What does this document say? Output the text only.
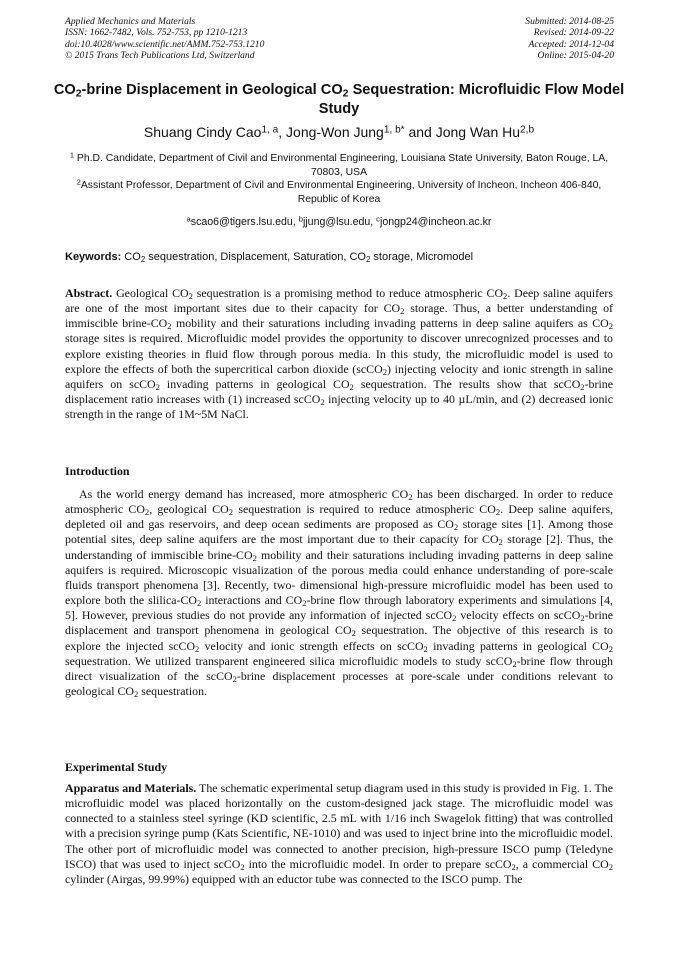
Applied Mechanics and Materials
ISSN: 1662-7482, Vols. 752-753, pp 1210-1213
doi:10.4028/www.scientific.net/AMM.752-753.1210
© 2015 Trans Tech Publications Ltd, Switzerland
Submitted: 2014-08-25
Revised: 2014-09-22
Accepted: 2014-12-04
Online: 2015-04-20
$CO_2$-brine Displacement in Geological $CO_2$ Sequestration: Microfluidic Flow Model Study
Shuang Cindy Cao$^{1, a}$, Jong-Won Jung$^{1, b*}$ and Jong Wan Hu$^{2,b}$

$^1$ Ph.D. Candidate, Department of Civil and Environmental Engineering, Louisiana State University, Baton Rouge, LA, 70803, USA

$^2$Assistant Professor, Department of Civil and Environmental Engineering, University of Incheon, Incheon 406-840, Republic of Korea

$^a$scao6@tigers.lsu.edu, $^b$jjung@lsu.edu, $^c$jongp24@incheon.ac.kr
Keywords: $CO_2$ sequestration, Displacement, Saturation, $CO_2$ storage, Micromodel

Abstract. Geological $CO_2$ sequestration is a promising method to reduce atmospheric $CO_2$. Deep saline aquifers are one of the most important sites due to their capacity for $CO_2$ storage. Thus, a better understanding of immiscible brine-$CO_2$ mobility and their saturations including invading patterns in deep saline aquifers as $CO_2$ storage sites is required. Microfluidic model provides the opportunity to discover unrecognized processes and to explore existing theories in fluid flow through porous media. In this study, the microfluidic model is used to explore the effects of both the supercritical carbon dioxide (scCO$_2$) injecting velocity and ionic strength in saline aquifers on scCO$_2$ invading patterns in geological $CO_2$ sequestration. The results show that scCO$_2$-brine displacement ratio increases with (1) increased scCO$_2$ injecting velocity up to 40 µL/min, and (2) decreased ionic strength in the range of 1M~5M NaCl.

Introduction

As the world energy demand has increased, more atmospheric $CO_2$ has been discharged. In order to reduce atmospheric $CO_2$, geological $CO_2$ sequestration is required to reduce atmospheric $CO_2$. Deep saline aquifers, depleted oil and gas reservoirs, and deep ocean sediments are proposed as $CO_2$ storage sites [1]. Among those potential sites, deep saline aquifers are the most important due to their capacity for $CO_2$ storage [2]. Thus, the understanding of immiscible brine-$CO_2$ mobility and their saturations including invading patterns in deep saline aquifers is required. Microscopic visualization of the porous media could enhance understanding of pore-scale fluids transport phenomena [3]. Recently, two- dimensional high-pressure microfluidic model has been used to explore both the slilica-$CO_2$ interactions and $CO_2$-brine flow through laboratory experiments and simulations [4, 5]. However, previous studies do not provide any information of injected scCO$_2$ velocity effects on scCO$_2$-brine displacement and transport phenomena in geological $CO_2$ sequestration. The objective of this research is to explore the injected scCO$_2$ velocity and ionic strength effects on scCO$_2$ invading patterns in geological $CO_2$ sequestration. We utilized transparent engineered silica microfluidic models to study scCO$_2$-brine flow through direct visualization of the scCO$_2$-brine displacement processes at pore-scale under conditions relevant to geological $CO_2$ sequestration.

Experimental Study

Apparatus and Materials. The schematic experimental setup diagram used in this study is provided in Fig. 1. The microfluidic model was placed horizontally on the custom-designed jack stage. The microfluidic model was connected to a stainless steel syringe (KD scientific, 2.5 mL with 1/16 inch Swagelok fitting) that was controlled with a precision syringe pump (Kats Scientific, NE-1010) and was used to inject brine into the microfluidic model. The other port of microfluidic model was connected to another precision, high-pressure ISCO pump (Teledyne ISCO) that was used to inject scCO$_2$ into the microfluidic model. In order to prepare scCO$_2$, a commercial $CO_2$ cylinder (Airgas, 99.99%) equipped with an eductor tube was connected to the ISCO pump. The
